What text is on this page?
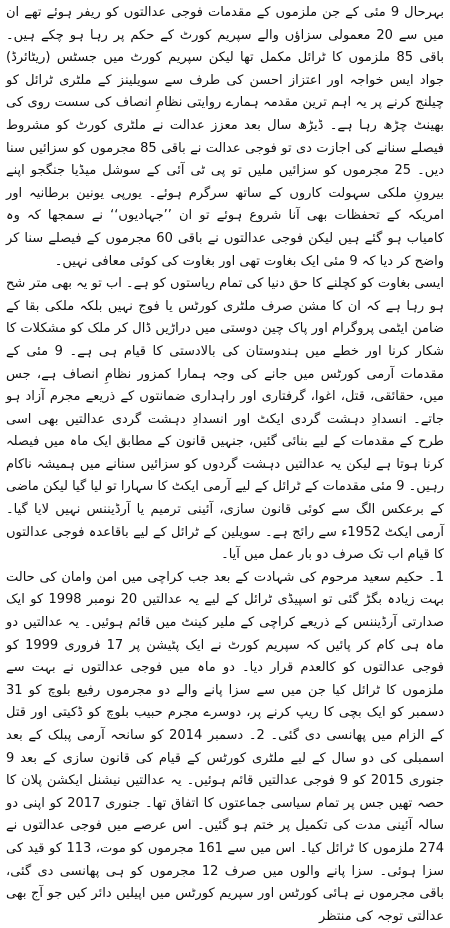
بہرحال 9 مئی کے جن ملزموں کے مقدمات فوجی عدالتوں کو ریفر ہوئے تھے ان میں سے 20 معمولی سزاؤں والے سپریم کورٹ کے حکم پر رہا ہو چکے ہیں۔ باقی 85 ملزموں کا ٹرائل مکمل تھا لیکن سپریم کورٹ میں جسٹس (ریٹائرڈ) جواد ایس خواجہ اور اعتزاز احسن کی طرف سے سویلینز کے ملٹری ٹرائل کو چیلنج کرنے پر یہ اہم ترین مقدمہ ہمارے روایتی نظامِ انصاف کی سست روی کی بھینٹ چڑھ رہا ہے۔ ڈیڑھ سال بعد معزز عدالت نے ملٹری کورٹ کو مشروط فیصلے سنانے کی اجازت دی تو فوجی عدالت نے باقی 85 مجرموں کو سزائیں سنا دیں۔ 25 مجرموں کو سزائیں ملیں تو پی ٹی آئی کے سوشل میڈیا جنگجو اپنے بیرونِ ملکی سہولت کاروں کے ساتھ سرگرم ہوئے۔ یورپی یونین برطانیہ اور امریکہ کے تحفظات بھی آنا شروع ہوئے تو ان ’’جہادیوں‘‘ نے سمجھا کہ وہ کامیاب ہو گئے ہیں لیکن فوجی عدالتوں نے باقی 60 مجرموں کے فیصلے سنا کر واضح کر دیا کہ 9 مئی ایک بغاوت تھی اور بغاوت کی کوئی معافی نہیں۔

ایسی بغاوت کو کچلنے کا حق دنیا کی تمام ریاستوں کو ہے۔ اب تو یہ بھی متر شح ہو رہا ہے کہ ان کا مشن صرف ملٹری کورٹس یا فوج نہیں بلکہ ملکی بقا کے ضامن ایٹمی پروگرام اور پاک چین دوستی میں دراڑیں ڈال کر ملک کو مشکلات کا شکار کرنا اور خطے میں ہندوستان کی بالادستی کا قیام ہی ہے۔ 9 مئی کے مقدمات آرمی کورٹس میں جانے کی وجہ ہمارا کمزور نظامِ انصاف ہے، جس میں، حقائقی، قتل، اغوا، گرفتاری اور راہداری ضمانتوں کے ذریعے مجرم آزاد ہو جاتے۔ انسدادِ دہشت گردی ایکٹ اور انسدادِ دہشت گردی عدالتیں بھی اسی طرح کے مقدمات کے لیے بنائی گئیں، جنہیں قانون کے مطابق ایک ماہ میں فیصلہ کرنا ہوتا ہے لیکن یہ عدالتیں دہشت گردوں کو سزائیں سنانے میں ہمیشہ ناکام رہیں۔ 9 مئی مقدمات کے ٹرائل کے لیے آرمی ایکٹ کا سہارا تو لیا گیا لیکن ماضی کے برعکس الگ سے کوئی قانون سازی، آئینی ترمیم یا آرڈیننس نہیں لایا گیا۔ آرمی ایکٹ 1952ء سے رائج ہے۔ سویلین کے ٹرائل کے لیے باقاعدہ فوجی عدالتوں کا قیام اب تک صرف دو بار عمل میں آیا۔

1۔ حکیم سعید مرحوم کی شہادت کے بعد جب کراچی میں امن وامان کی حالت بہت زیادہ بگڑ گئی تو اسپیڈی ٹرائل کے لیے یہ عدالتیں 20 نومبر 1998 کو ایک صدارتی آرڈیننس کے ذریعے کراچی کے ملیر کینٹ میں قائم ہوئیں۔ یہ عدالتیں دو ماہ ہی کام کر پائیں کہ سپریم کورٹ نے ایک پٹیشن پر 17 فروری 1999 کو فوجی عدالتوں کو کالعدم قرار دیا۔ دو ماہ میں فوجی عدالتوں نے بہت سے ملزموں کا ٹرائل کیا جن میں سے سزا پانے والے دو مجرموں رفیع بلوچ کو 31 دسمبر کو ایک بچی کا ریپ کرنے پر، دوسرے مجرم حبیب بلوچ کو ڈکیتی اور قتل کے الزام میں پھانسی دی گئی۔ 2۔ دسمبر 2014 کو سانحہ آرمی پبلک کے بعد اسمبلی کی دو سال کے لیے ملٹری کورٹس کے قیام کی قانون سازی کے بعد 9 جنوری 2015 کو 9 فوجی عدالتیں قائم ہوئیں۔ یہ عدالتیں نیشنل ایکشن پلان کا حصہ تھیں جس پر تمام سیاسی جماعتوں کا اتفاق تھا۔ جنوری 2017 کو اپنی دو سالہ آئینی مدت کی تکمیل پر ختم ہو گئیں۔ اس عرصے میں فوجی عدالتوں نے 274 ملزموں کا ٹرائل کیا۔ اس میں سے 161 مجرموں کو موت، 113 کو قید کی سزا ہوئی۔ سزا پانے والوں میں صرف 12 مجرموں کو ہی پھانسی دی گئی، باقی مجرموں نے ہائی کورٹس اور سپریم کورٹس میں اپیلیں دائر کیں جو آج بھی عدالتی توجہ کی منتظر
